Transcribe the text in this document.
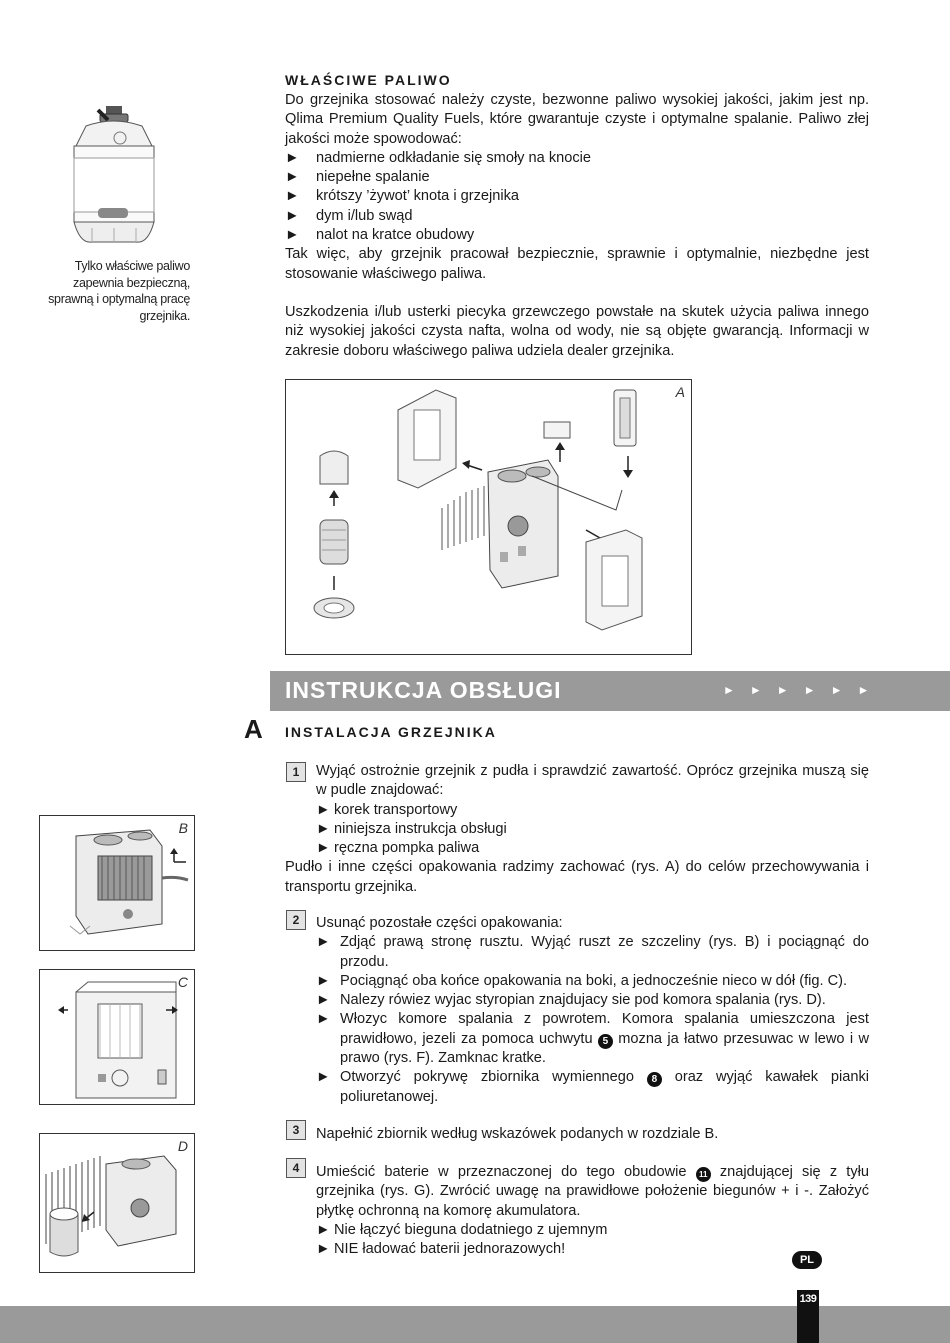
Tylko właściwe paliwo zapewnia bezpieczną, sprawną i optymalną pracę grzejnika.
WŁAŚCIWE PALIWO
Do grzejnika stosować należy czyste, bezwonne paliwo wysokiej jakości, jakim jest np. Qlima Premium Quality Fuels, które gwarantuje czyste i optymalne spalanie. Paliwo złej jakości może spowodować:
► nadmierne odkładanie się smoły na knocie
► niepełne spalanie
► krótszy ’żywot’ knota i grzejnika
► dym i/lub swąd
► nalot na kratce obudowy
Tak więc, aby grzejnik pracował bezpiecznie, sprawnie i optymalnie, niezbędne jest stosowanie właściwego paliwa.
Uszkodzenia i/lub usterki piecyka grzewczego powstałe na skutek użycia paliwa innego niż wysokiej jakości czysta nafta, wolna od wody, nie są objęte gwarancją. Informacji w zakresie doboru właściwego paliwa udziela dealer grzejnika.
A
INSTRUKCJA OBSŁUGI	► ► ► ► ► ►
A INSTALACJA GRZEJNIKA
1	Wyjąć ostrożnie grzejnik z pudła i sprawdzić zawartość. Oprócz grzejnika muszą się w pudle znajdować:
► korek transportowy
► niniejsza instrukcja obsługi
► ręczna pompka paliwa
Pudło i inne części opakowania radzimy zachować (rys. A) do celów przechowywania i transportu grzejnika.
2	Usunąć pozostałe części opakowania:
► Zdjąć prawą stronę rusztu. Wyjąć ruszt ze szczeliny (rys. B) i pociągnąć do przodu.
► Pociągnąć oba końce opakowania na boki, a jednocześnie nieco w dół (fig. C).
► Nalezy rówiez wyjac styropian znajdujacy sie pod komora spalania (rys. D).
► Włozyc komore spalania z powrotem. Komora spalania umieszczona jest prawidłowo, jezeli za pomoca uchwytu 5 mozna ja łatwo przesuwac w lewo i w prawo (rys. F). Zamknac kratke.
► Otworzyć pokrywę zbiornika wymiennego 8 oraz wyjąć kawałek pianki poliuretanowej.
3	Napełnić zbiornik według wskazówek podanych w rozdziale B.
4	Umieścić baterie w przeznaczonej do tego obudowie 11 znajdującej się z tyłu grzejnika (rys. G). Zwrócić uwagę na prawidłowe położenie biegunów + i -. Założyć płytkę ochronną na komorę akumulatora.
► Nie łączyć bieguna dodatniego z ujemnym
► NIE ładować baterii jednorazowych!
B
C
D
PL
139
